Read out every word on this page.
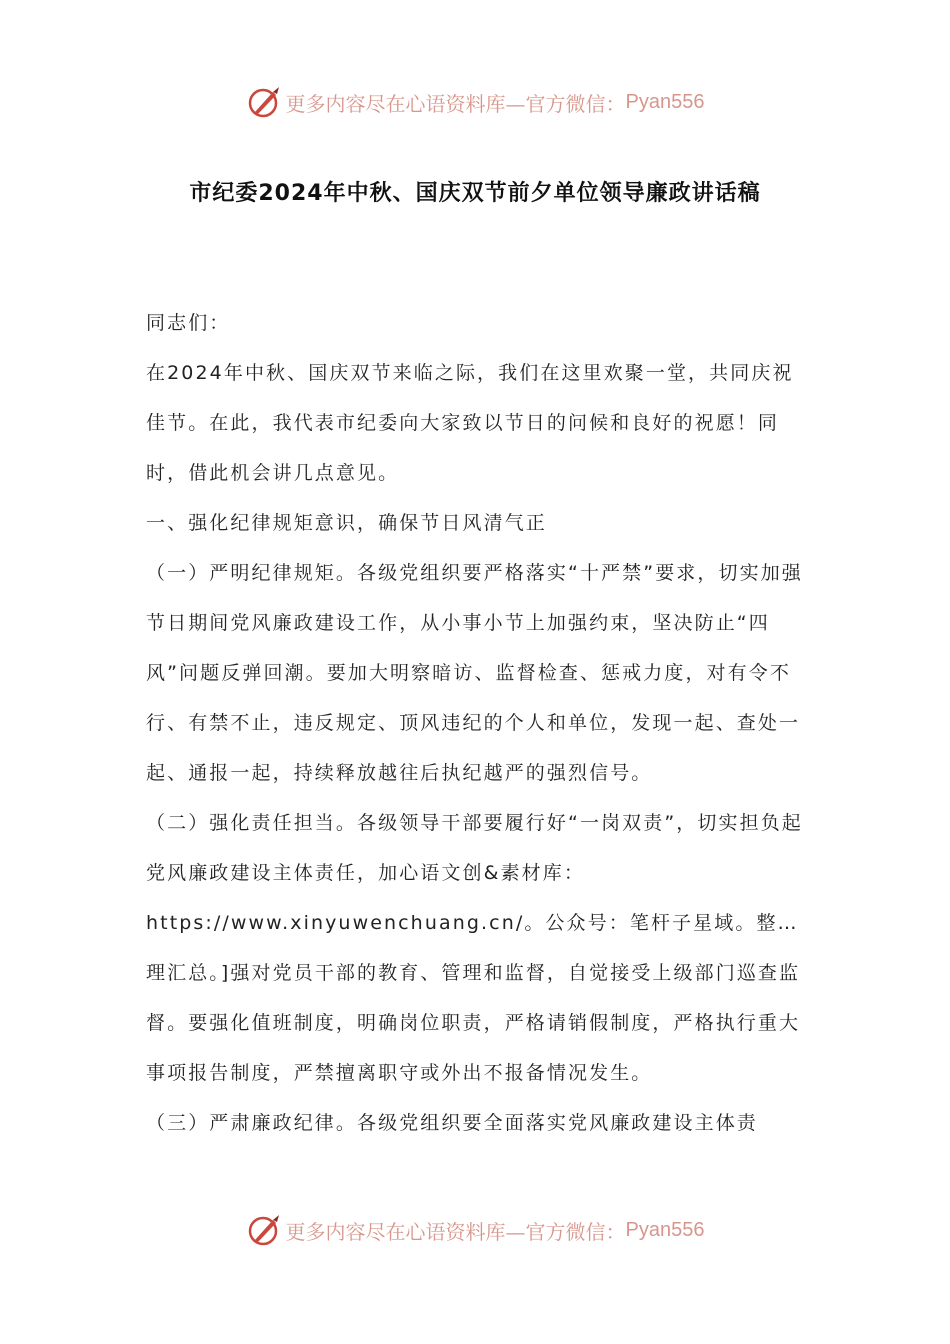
更多内容尽在心语资料库—官方微信： Pyan556
市纪委2024年中秋、国庆双节前夕单位领导廉政讲话稿

同志们：

在2024年中秋、国庆双节来临之际，我们在这里欢聚一堂，共同庆祝佳节。在此，我代表市纪委向大家致以节日的问候和良好的祝愿！同时，借此机会讲几点意见。

一、强化纪律规矩意识，确保节日风清气正

（一）严明纪律规矩。各级党组织要严格落实“十严禁”要求，切实加强节日期间党风廉政建设工作，从小事小节上加强约束，坚决防止“四风”问题反弹回潮。要加大明察暗访、监督检查、惩戒力度，对有令不行、有禁不止，违反规定、顶风违纪的个人和单位，发现一起、查处一起、通报一起，持续释放越往后执纪越严的强烈信号。

（二）强化责任担当。各级领导干部要履行好“一岗双责”，切实担负起党风廉政建设主体责任，加心语文创&素材库：https://www.xinyuwenchuang.cn/。公众号：笔杆子星域。整…理汇总。]强对党员干部的教育、管理和监督，自觉接受上级部门巡查监督。要强化值班制度，明确岗位职责，严格请销假制度，严格执行重大事项报告制度，严禁擅离职守或外出不报备情况发生。

（三）严肃廉政纪律。各级党组织要全面落实党风廉政建设主体责

更多内容尽在心语资料库—官方微信： Pyan556
